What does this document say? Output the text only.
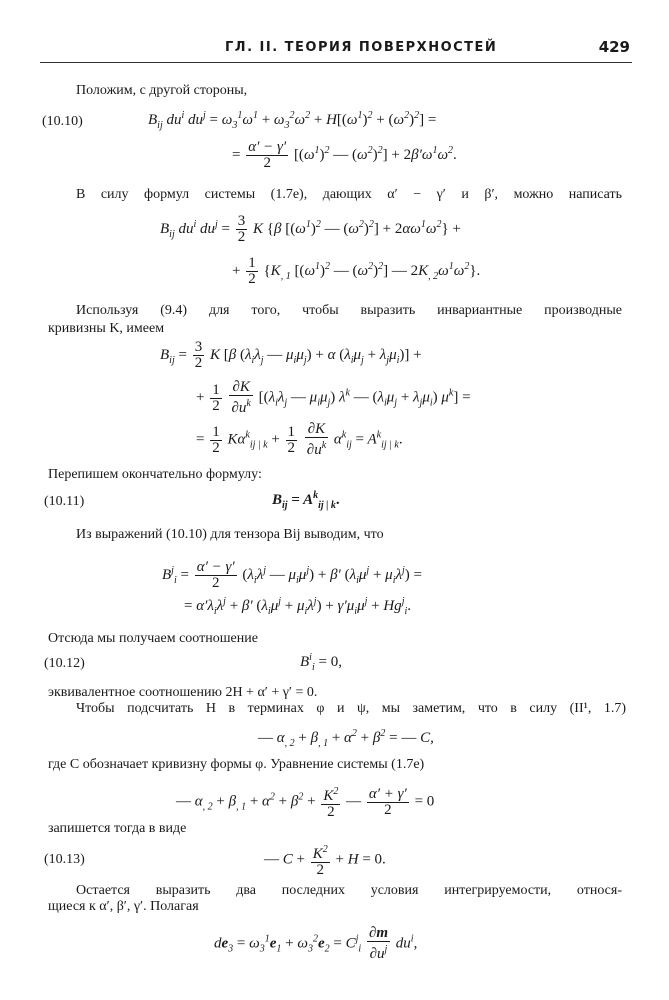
ГЛ. II. ТЕОРИЯ ПОВЕРХНОСТЕЙ	429
Положим, с другой стороны,
(10.10)	$B_{ij}$ $du^i$ $du^j = \omega_3^1\omega^1 + \omega_3^2\omega^2 + H[(\omega^1)^2 + (\omega^2)^2]$ =
= $\frac{\alpha' - \gamma'}{2} [(\omega^1)^2$ — $(\omega^2)^2] + 2\beta'\omega^1\omega^2$.
В силу формул системы (1.7e), дающих α′ − γ′ и β′, можно написать
$B_{ij}$ $du^i$ $du^j = \frac{3}{2}$ K {β [$(\omega^1)^2$ — $(\omega^2)^2] + 2\alpha\omega^1\omega^2$} +
+ $\frac{1}{2} \{K_{, 1}$ [$(\omega^1)^2$ — $(\omega^2)^2$] — $2K_{, 2}\omega^1\omega^2$}.
Используя (9.4) для того, чтобы выразить инвариантные производные
кривизны K, имеем
$B_{ij} = \frac{3}{2}$ K [β ($\lambda_i\lambda_j$ — $\mu_i\mu_j) + \alpha$ $(\lambda_i\mu_j + \lambda_j\mu_i)$] +
+ $\frac{1}{2}$
$\frac{\partial K}{\partial u^k} [(\lambda_i\lambda_j$ — $\mu_i\mu_j$) $\lambda^k$ — $(\lambda_i\mu_j + \lambda_j\mu_i) \mu^k$] =
= $\frac{1}{2} K\alpha^k_{ij | k} + \frac{1}{2}$
$\frac{\partial K}{\partial u^k} \alpha^k_{ij} = A^k_{ij | k}$.
Перепишем окончательно формулу:
(10.11)	$B_{ij} = A^k_{ij | k}$.
Из выражений (10.10) для тензора Bij выводим, что
$B^j_i = \frac{\alpha' - \gamma'}{2} (\lambda_i\lambda^j$ — $\mu_i\mu^j) + \beta'$ $(\lambda_i\mu^j + \mu_i\lambda^j)$ =
= $\alpha'\lambda_i\lambda^j + \beta'$ $(\lambda_i\mu^j + \mu_i\lambda^j) + \gamma'\mu_i\mu^j + Hg^j_i$.
Отсюда мы получаем соотношение
(10.12)	$B^i_i = 0$,
эквивалентное соотношению 2H + α′ + γ′ = 0.
Чтобы подсчитать H в терминах φ и ψ, мы заметим, что в силу (II¹, 1.7)
— $\alpha_{, 2} + \beta_{, 1} + \alpha^2 + \beta^2$ = — C,
где C обозначает кривизну формы φ. Уравнение системы (1.7e)
— $\alpha_{, 2} + \beta_{, 1} + \alpha^2 + \beta^2 + \frac{K^2}{2}$ — $\frac{\alpha' + \gamma'}{2} = 0$
запишется тогда в виде
(10.13)	— $C + \frac{K^2}{2} + H = 0$.
Остается выразить два последних условия интегрируемости, относя-
щиеся к α′, β′, γ′. Полагая
$de_3 = \omega_3^1e_1 + \omega_3^2e_2 = C^j_i \frac{\partial m}{\partial u^j} du^i$,
